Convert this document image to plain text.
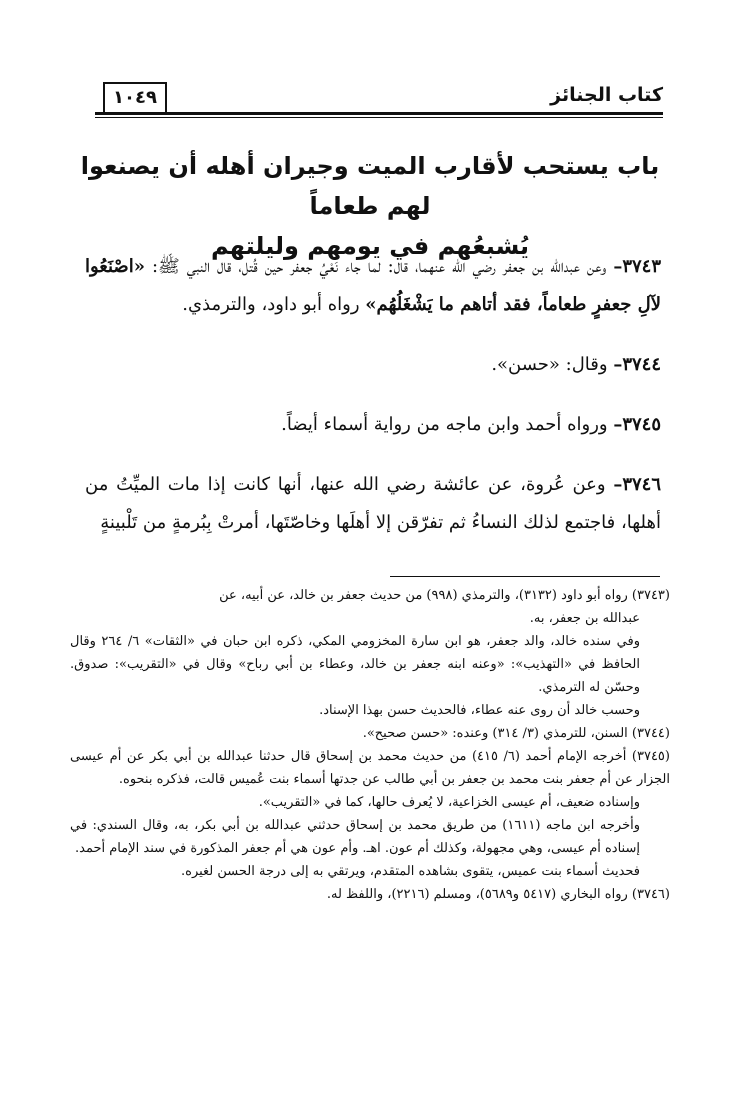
كتاب الجنائز
١٠٤٩
باب يستحب لأقارب الميت وجيران أهله أن يصنعوا لهم طعاماً
يُشبعُهم في يومهم وليلتهم

٣٧٤٣– وعن عبدالله بن جعفر رضي الله عنهما، قال: لما جاء نَعْيُ جعفر حين قُتل، قال النبي ﷺ: «اصْنَعُوا لآلِ جعفرٍ طعاماً، فقد أتاهم ما يَشْغَلُهُم» رواه أبو داود، والترمذي.

٣٧٤٤– وقال: «حسن».

٣٧٤٥– ورواه أحمد وابن ماجه من رواية أسماء أيضاً.

٣٧٤٦– وعن عُروة، عن عائشة رضي الله عنها، أنها كانت إذا مات الميِّتُ من أهلها، فاجتمع لذلك النساءُ ثم تفرّقن إلا أهلَها وخاصّتَها، أمرتْ بِبُرمةٍ من تَلْبينةٍ

(٣٧٤٣) رواه أبو داود (٣١٣٢)، والترمذي (٩٩٨) من حديث جعفر بن خالد، عن أبيه، عن

عبدالله بن جعفر، به.

وفي سنده خالد، والد جعفر، هو ابن سارة المخزومي المكي، ذكره ابن حبان في «الثقات» ٦/ ٢٦٤ وقال الحافظ في «التهذيب»: «وعنه ابنه جعفر بن خالد، وعطاء بن أبي رباح» وقال في «التقريب»: صدوق. وحسّن له الترمذي.

وحسب خالد أن روى عنه عطاء، فالحديث حسن بهذا الإسناد.

(٣٧٤٤) السنن، للترمذي (٣/ ٣١٤) وعنده: «حسن صحيح».

(٣٧٤٥) أخرجه الإمام أحمد (٦/ ٤١٥) من حديث محمد بن إسحاق قال حدثنا عبدالله بن أبي بكر عن أم عيسى الجزار عن أم جعفر بنت محمد بن جعفر بن أبي طالب عن جدتها أسماء بنت عُميس قالت، فذكره بنحوه.

وإسناده ضعيف، أم عيسى الخزاعية، لا يُعرف حالها، كما في «التقريب».

وأخرجه ابن ماجه (١٦١١) من طريق محمد بن إسحاق حدثني عبدالله بن أبي بكر، به، وقال السندي: في إسناده أم عيسى، وهي مجهولة، وكذلك أم عون. اهـ. وأم عون هي أم جعفر المذكورة في سند الإمام أحمد.

فحديث أسماء بنت عميس، يتقوى بشاهده المتقدم، ويرتقي به إلى درجة الحسن لغيره.

(٣٧٤٦) رواه البخاري (٥٤١٧ و٥٦٨٩)، ومسلم (٢٢١٦)، واللفظ له.
